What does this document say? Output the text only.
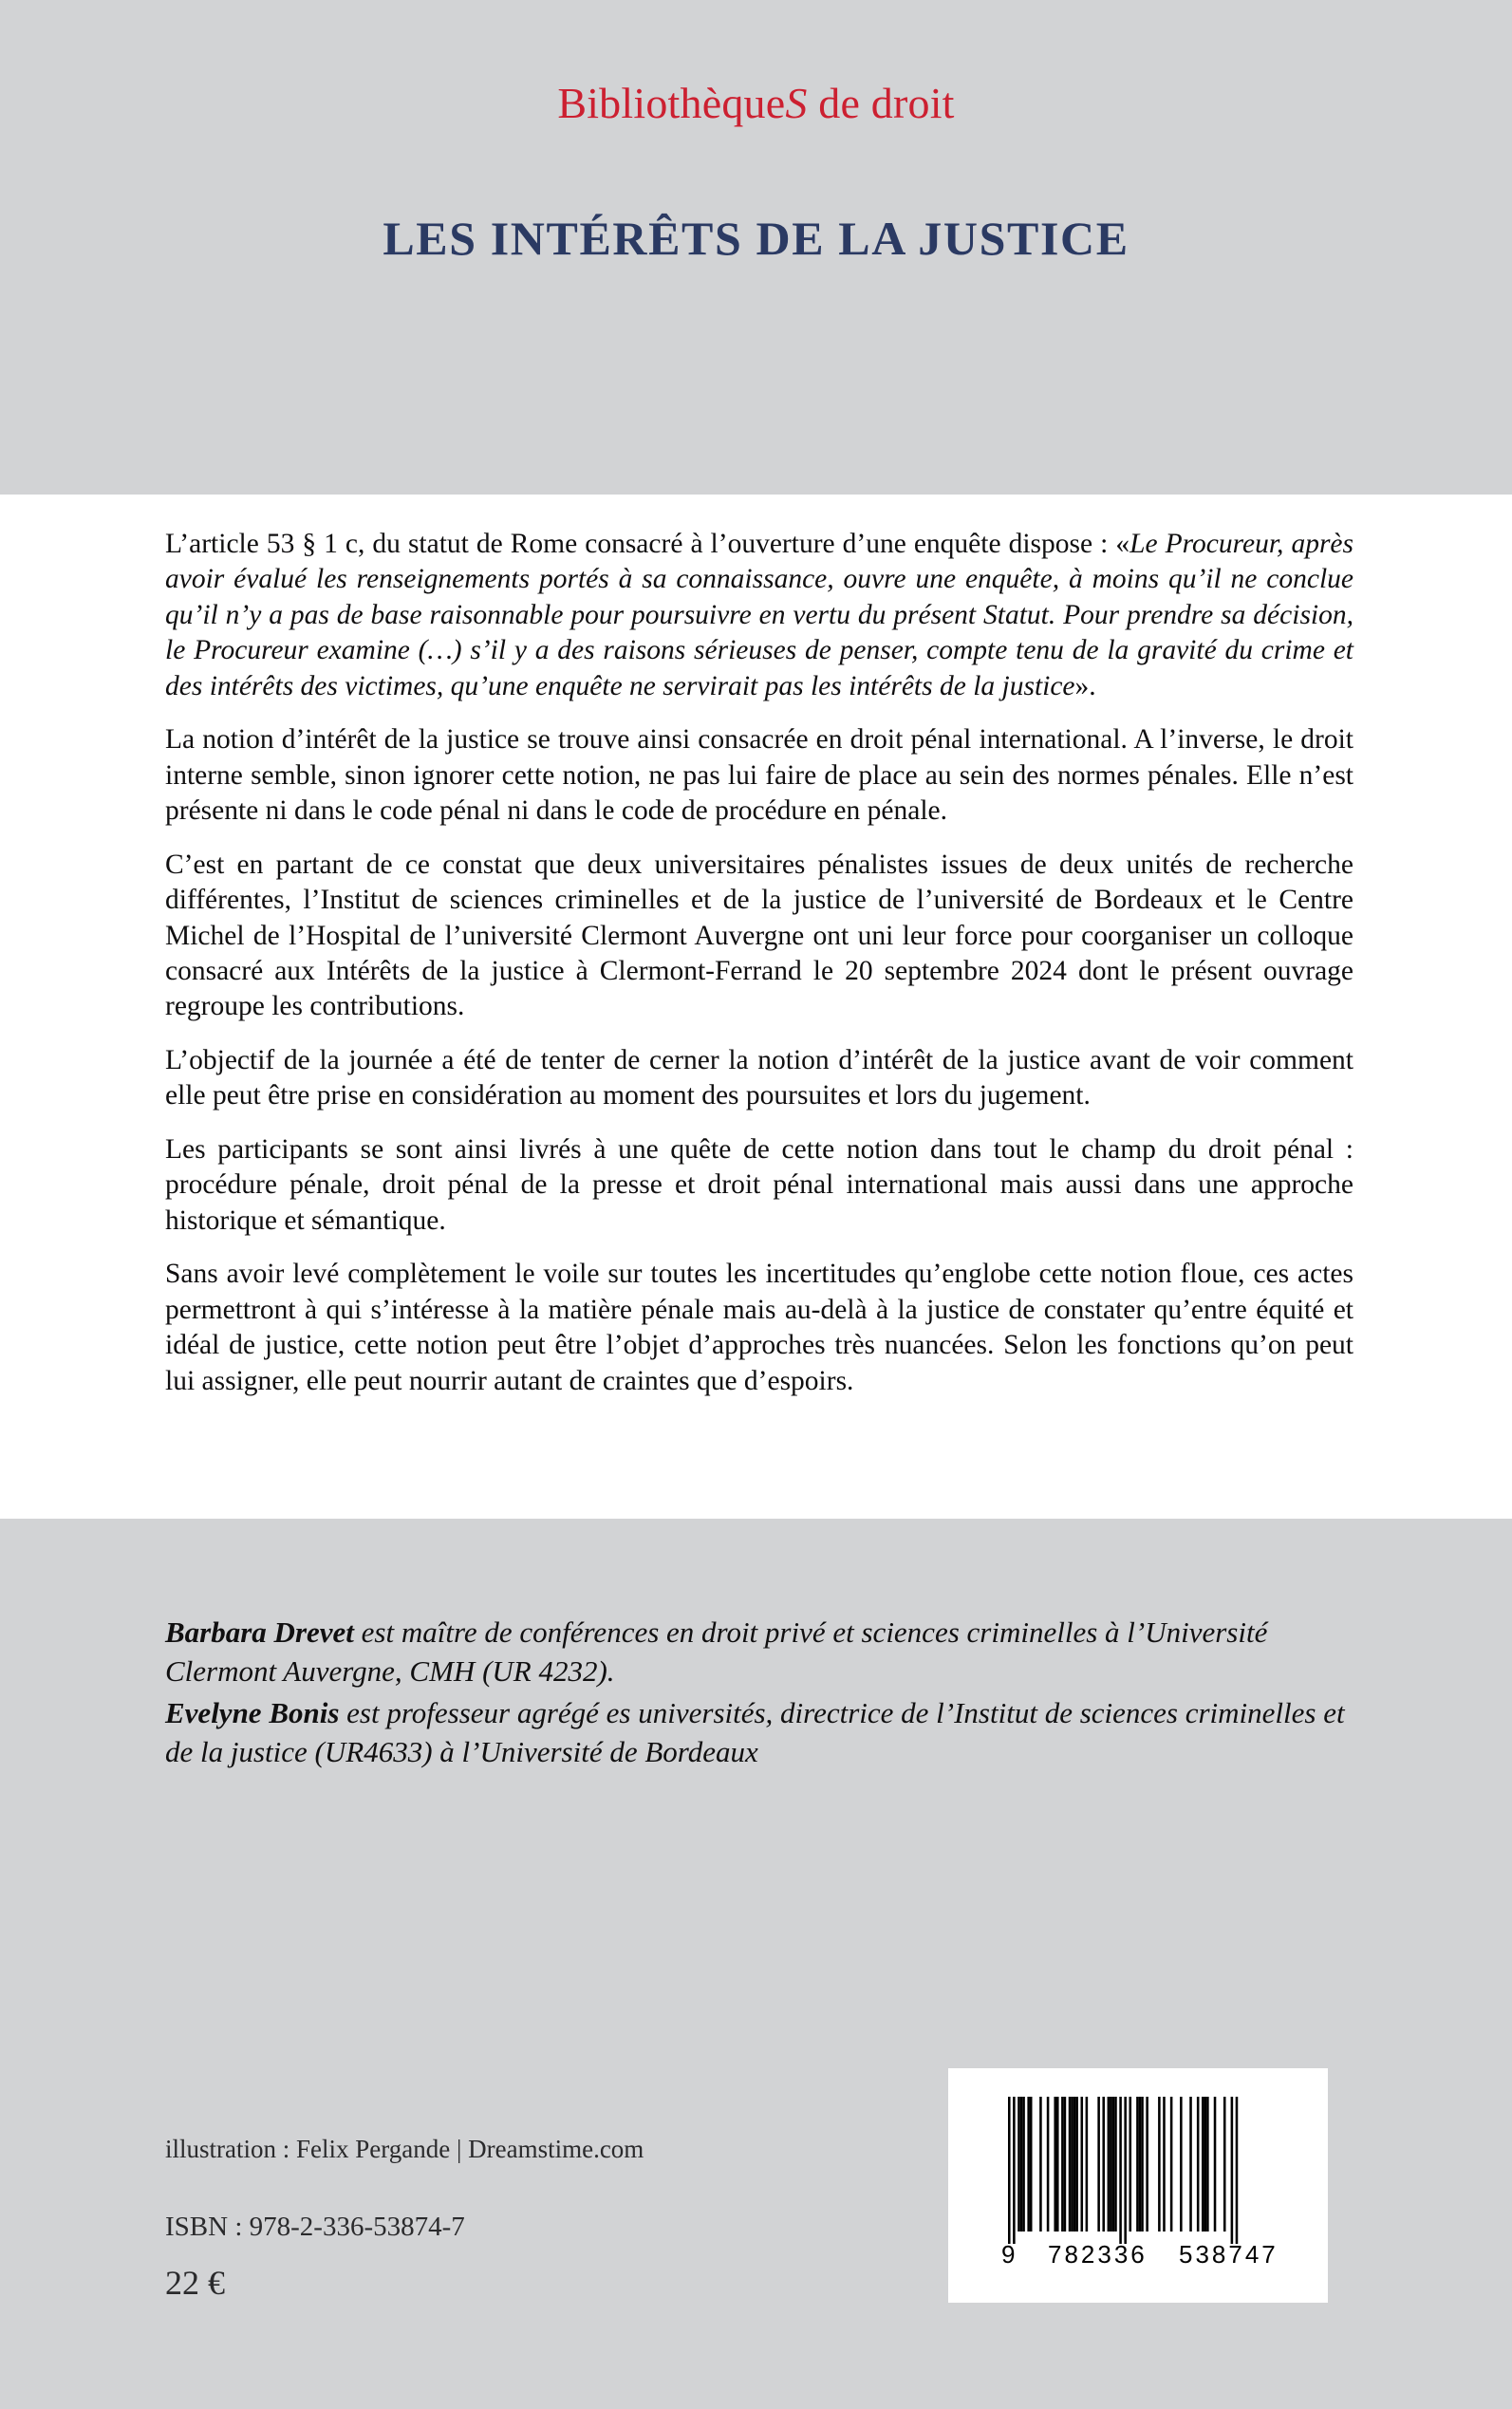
BibliothèqueS de droit
LES INTÉRÊTS DE LA JUSTICE

L’article 53 § 1 c, du statut de Rome consacré à l’ouverture d’une enquête dispose : «Le Procureur, après avoir évalué les renseignements portés à sa connaissance, ouvre une enquête, à moins qu’il ne conclue qu’il n’y a pas de base raisonnable pour poursuivre en vertu du présent Statut. Pour prendre sa décision, le Procureur examine (…) s’il y a des raisons sérieuses de penser, compte tenu de la gravité du crime et des intérêts des victimes, qu’une enquête ne servirait pas les intérêts de la justice».

La notion d’intérêt de la justice se trouve ainsi consacrée en droit pénal international. A l’inverse, le droit interne semble, sinon ignorer cette notion, ne pas lui faire de place au sein des normes pénales. Elle n’est présente ni dans le code pénal ni dans le code de procédure en pénale.

C’est en partant de ce constat que deux universitaires pénalistes issues de deux unités de recherche différentes, l’Institut de sciences criminelles et de la justice de l’université de Bordeaux et le Centre Michel de l’Hospital de l’université Clermont Auvergne ont uni leur force pour coorganiser un colloque consacré aux Intérêts de la justice à Clermont-Ferrand le 20 septembre 2024 dont le présent ouvrage regroupe les contributions.

L’objectif de la journée a été de tenter de cerner la notion d’intérêt de la justice avant de voir comment elle peut être prise en considération au moment des poursuites et lors du jugement.

Les participants se sont ainsi livrés à une quête de cette notion dans tout le champ du droit pénal : procédure pénale, droit pénal de la presse et droit pénal international mais aussi dans une approche historique et sémantique.

Sans avoir levé complètement le voile sur toutes les incertitudes qu’englobe cette notion floue, ces actes permettront à qui s’intéresse à la matière pénale mais au-delà à la justice de constater qu’entre équité et idéal de justice, cette notion peut être l’objet d’approches très nuancées. Selon les fonctions qu’on peut lui assigner, elle peut nourrir autant de craintes que d’espoirs.

Barbara Drevet est maître de conférences en droit privé et sciences criminelles à l’Université Clermont Auvergne, CMH (UR 4232).

Evelyne Bonis est professeur agrégé es universités, directrice de l’Institut de sciences criminelles et de la justice (UR4633) à l’Université de Bordeaux

illustration : Felix Pergande | Dreamstime.com
ISBN : 978-2-336-53874-7
22 €
9 782336 538747
